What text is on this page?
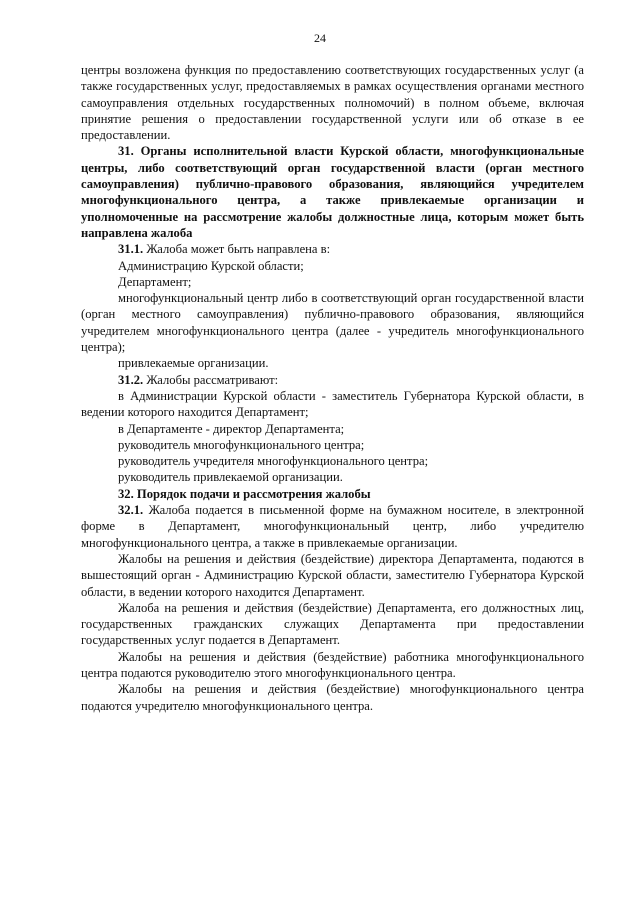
24

центры возложена функция по предоставлению соответствующих государственных услуг (а также государственных услуг, предоставляемых в рамках осуществления органами местного самоуправления отдельных государственных полномочий) в полном объеме, включая принятие решения о предоставлении государственной услуги или об отказе в ее предоставлении.

31. Органы исполнительной власти Курской области, многофункциональные центры, либо соответствующий орган государственной власти (орган местного самоуправления) публично-правового образования, являющийся учредителем многофункционального центра, а также привлекаемые организации и уполномоченные на рассмотрение жалобы должностные лица, которым может быть направлена жалоба

31.1. Жалоба может быть направлена в:

Администрацию Курской области;

Департамент;

многофункциональный центр либо в соответствующий орган государственной власти (орган местного самоуправления) публично-правового образования, являющийся учредителем многофункционального центра (далее - учредитель многофункционального центра);

привлекаемые организации.

31.2. Жалобы рассматривают:

в Администрации Курской области - заместитель Губернатора Курской области, в ведении которого находится Департамент;

в Департаменте - директор Департамента;

руководитель многофункционального центра;

руководитель учредителя многофункционального центра;

руководитель привлекаемой организации.

32. Порядок подачи и рассмотрения жалобы

32.1. Жалоба подается в письменной форме на бумажном носителе, в электронной форме в Департамент, многофункциональный центр, либо учредителю многофункционального центра, а также в привлекаемые организации.

Жалобы на решения и действия (бездействие) директора Департамента, подаются в вышестоящий орган - Администрацию Курской области, заместителю Губернатора Курской области, в ведении которого находится Департамент.

Жалоба на решения и действия (бездействие) Департамента, его должностных лиц, государственных гражданских служащих Департамента при предоставлении государственных услуг подается в Департамент.

Жалобы на решения и действия (бездействие) работника многофункционального центра подаются руководителю этого многофункционального центра.

Жалобы на решения и действия (бездействие) многофункционального центра подаются учредителю многофункционального центра.
